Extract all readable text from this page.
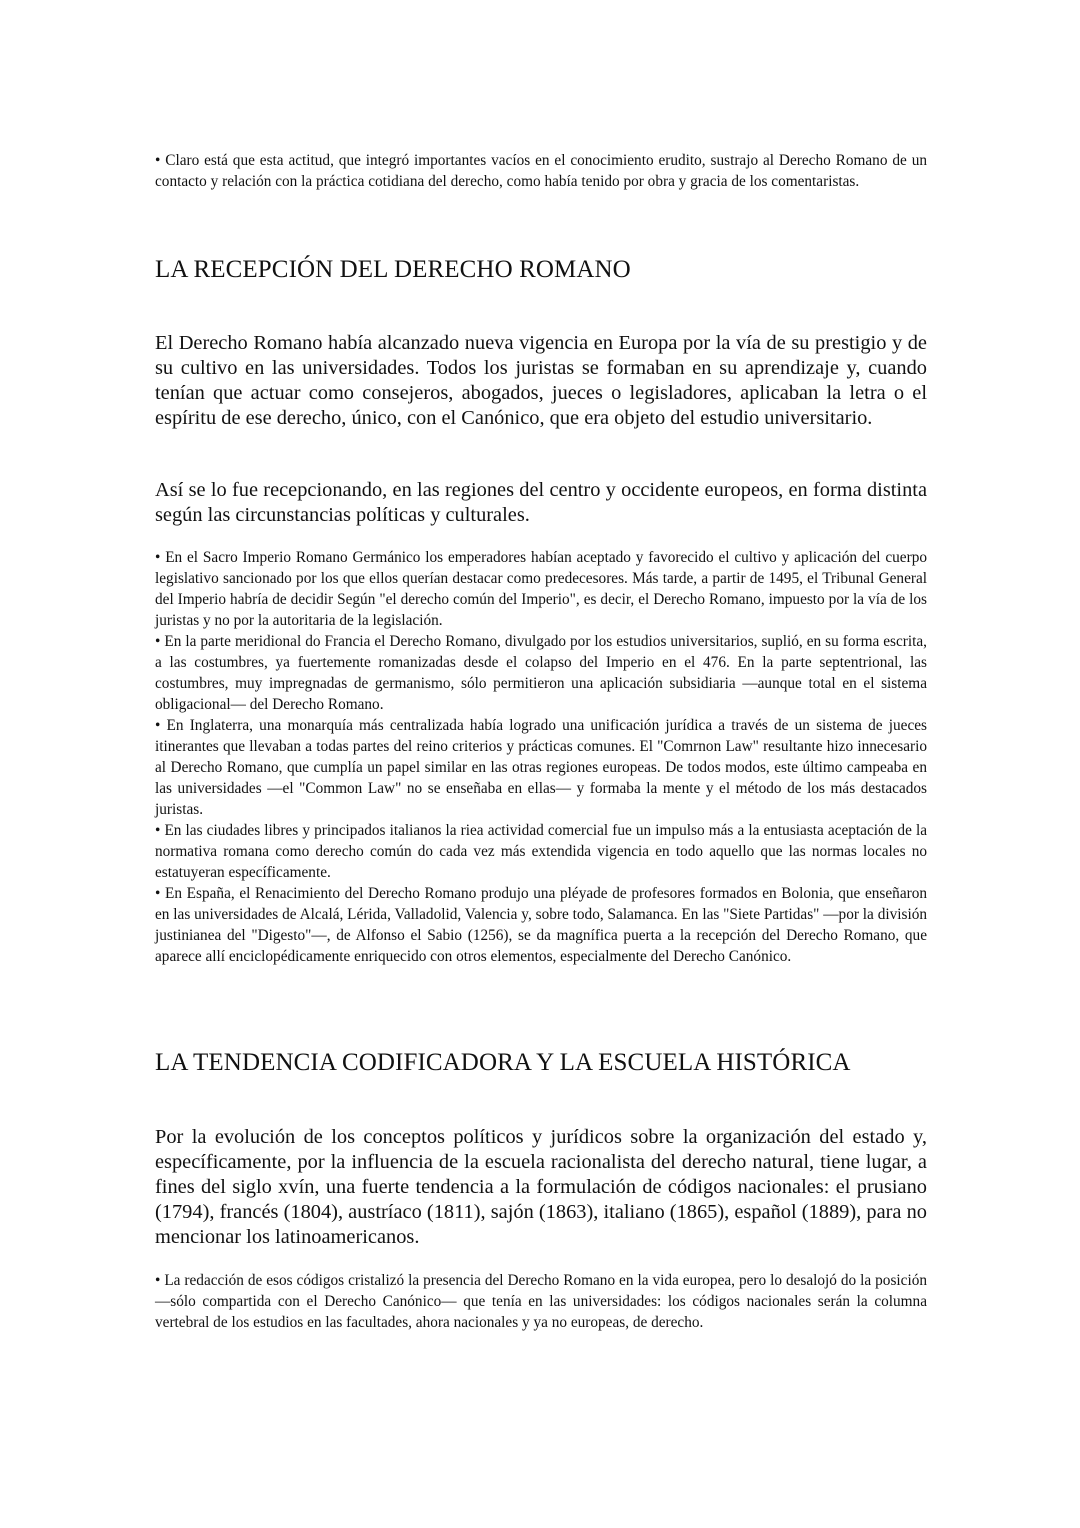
• Claro está que esta actitud, que integró importantes vacíos en el conocimiento erudito, sustrajo al Derecho Romano de un contacto y relación con la práctica cotidiana del derecho, como había tenido por obra y gracia de los comentaristas.

LA RECEPCIÓN DEL DERECHO ROMANO

El Derecho Romano había alcanzado nueva vigencia en Europa por la vía de su prestigio y de su cultivo en las universidades. Todos los juristas se formaban en su aprendizaje y, cuando tenían que actuar como consejeros, abogados, jueces o legisladores, aplicaban la letra o el espíritu de ese derecho, único, con el Canónico, que era objeto del estudio universitario.

Así se lo fue recepcionando, en las regiones del centro y occidente europeos, en forma distinta según las circunstancias políticas y culturales.

• En el Sacro Imperio Romano Germánico los emperadores habían aceptado y favorecido el cultivo y aplicación del cuerpo legislativo sancionado por los que ellos querían destacar como predecesores. Más tarde, a partir de 1495, el Tribunal General del Imperio habría de decidir Según "el derecho común del Imperio", es decir, el Derecho Romano, impuesto por la vía de los juristas y no por la autoritaria de la legislación.

• En la parte meridional do Francia el Derecho Romano, divulgado por los estudios universitarios, suplió, en su forma escrita, a las costumbres, ya fuertemente romanizadas desde el colapso del Imperio en el 476. En la parte septentrional, las costumbres, muy impregnadas de germanismo, sólo permitieron una aplicación subsidiaria —aunque total en el sistema obligacional— del Derecho Romano.

• En Inglaterra, una monarquía más centralizada había logrado una unificación jurídica a través de un sistema de jueces itinerantes que llevaban a todas partes del reino criterios y prácticas comunes. El "Comrnon Law" resultante hizo innecesario al Derecho Romano, que cumplía un papel similar en las otras regiones europeas. De todos modos, este último campeaba en las universidades —el "Common Law" no se enseñaba en ellas— y formaba la mente y el método de los más destacados juristas.

• En las ciudades libres y principados italianos la riea actividad comercial fue un impulso más a la entusiasta aceptación de la normativa romana como derecho común do cada vez más extendida vigencia en todo aquello que las normas locales no estatuyeran específicamente.

• En España, el Renacimiento del Derecho Romano produjo una pléyade de profesores formados en Bolonia, que enseñaron en las universidades de Alcalá, Lérida, Valladolid, Valencia y, sobre todo, Salamanca. En las "Siete Partidas" —por la división justinianea del "Digesto"—, de Alfonso el Sabio (1256), se da magnífica puerta a la recepción del Derecho Romano, que aparece allí enciclopédicamente enriquecido con otros elementos, especialmente del Derecho Canónico.

LA TENDENCIA CODIFICADORA Y LA ESCUELA HISTÓRICA

Por la evolución de los conceptos políticos y jurídicos sobre la organización del estado y, específicamente, por la influencia de la escuela racionalista del derecho natural, tiene lugar, a fines del siglo xvín, una fuerte tendencia a la formulación de códigos nacionales: el prusiano (1794), francés (1804), austríaco (1811), sajón (1863), italiano (1865), español (1889), para no mencionar los latinoamericanos.

• La redacción de esos códigos cristalizó la presencia del Derecho Romano en la vida europea, pero lo desalojó do la posición —sólo compartida con el Derecho Canónico— que tenía en las universidades: los códigos nacionales serán la columna vertebral de los estudios en las facultades, ahora nacionales y ya no europeas, de derecho.
